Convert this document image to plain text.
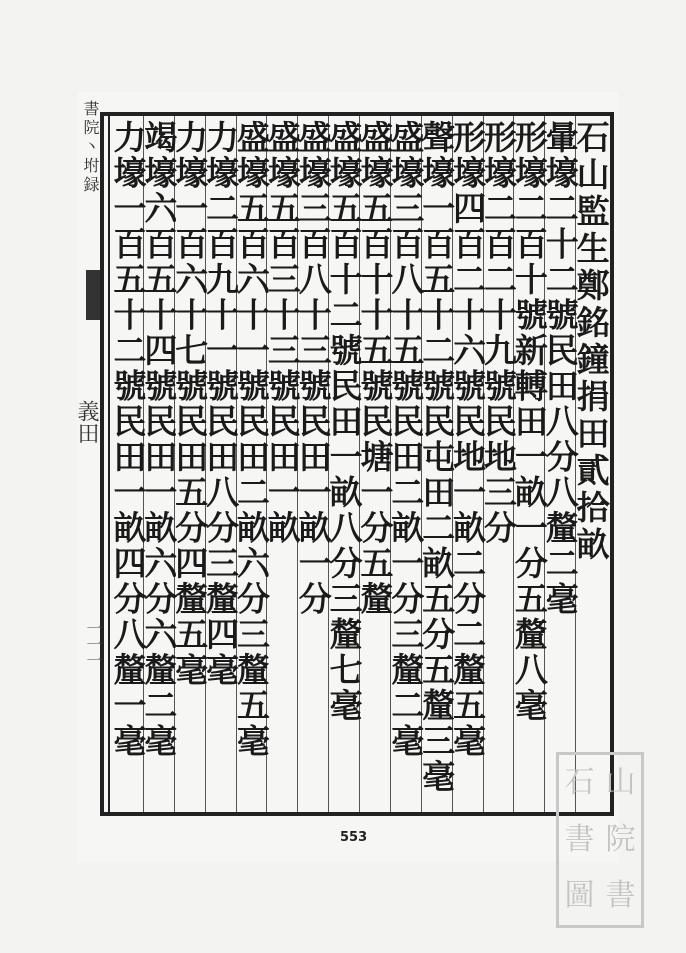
石山監生鄭銘鐘捐田貳拾畝
暈壕二十二號民田八分八釐二毫
形壕二百十號新𨍭田一畝一分五釐八毫
形壕二百二十九號民地三分
形壕四百二十六號民地一畝二分二釐五毫
聲壕一百五十二號民屯田二畝五分五釐三毫
盛壕三百八十五號民田二畝一分三釐二毫
盛壕五百十十五號民塘一分五釐
盛壕五百十二號民田一畝八分三釐七毫
盛壕三百八十三號民田一畝一分
盛壕五百三十三號民田一畝
盛壕五百六十一號民田二畝六分三釐五毫
力壕二百九十一號民田八分三釐四毫
力壕一百六十七號民田五分四釐五毫
竭壕六百五十四號民田一畝六分六釐二毫
力壕一百五十二號民田一畝四分八釐一毫
書院丶坿録
義田
一一一
553
石 山
書 院
圖 書
